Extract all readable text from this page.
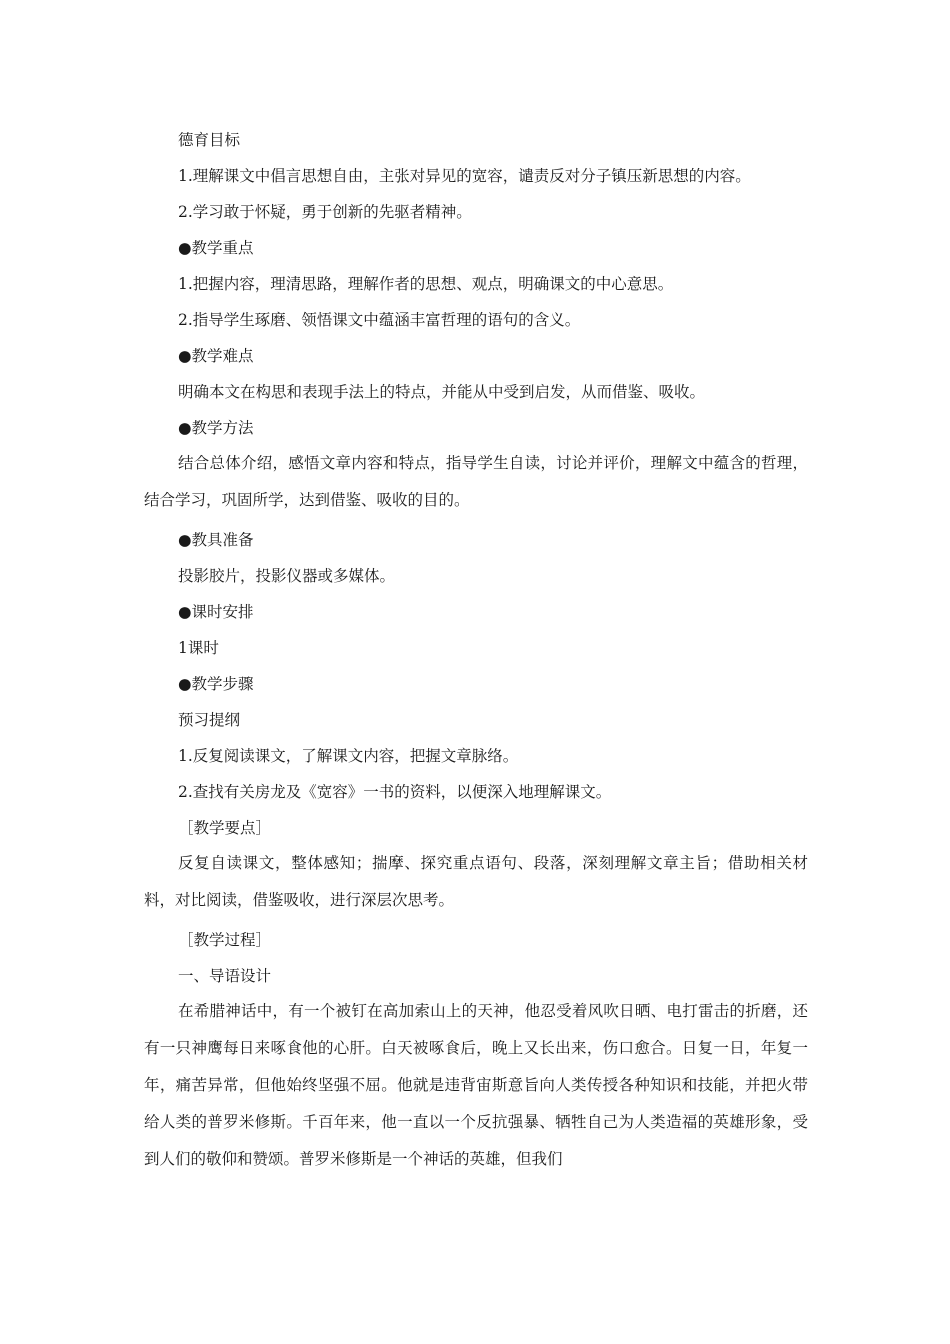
德育目标
1.理解课文中倡言思想自由，主张对异见的宽容，谴责反对分子镇压新思想的内容。
2.学习敢于怀疑，勇于创新的先驱者精神。
●教学重点
1.把握内容，理清思路，理解作者的思想、观点，明确课文的中心意思。
2.指导学生琢磨、领悟课文中蕴涵丰富哲理的语句的含义。
●教学难点
明确本文在构思和表现手法上的特点，并能从中受到启发，从而借鉴、吸收。
●教学方法
结合总体介绍，感悟文章内容和特点，指导学生自读，讨论并评价，理解文中蕴含的哲理，结合学习，巩固所学，达到借鉴、吸收的目的。
●教具准备
投影胶片，投影仪器或多媒体。
●课时安排
1课时
●教学步骤
预习提纲
1.反复阅读课文，了解课文内容，把握文章脉络。
2.查找有关房龙及《宽容》一书的资料，以便深入地理解课文。
［教学要点］
反复自读课文，整体感知；揣摩、探究重点语句、段落，深刻理解文章主旨；借助相关材料，对比阅读，借鉴吸收，进行深层次思考。
［教学过程］
一、导语设计
在希腊神话中，有一个被钉在高加索山上的天神，他忍受着风吹日晒、电打雷击的折磨，还有一只神鹰每日来啄食他的心肝。白天被啄食后，晚上又长出来，伤口愈合。日复一日，年复一年，痛苦异常，但他始终坚强不屈。他就是违背宙斯意旨向人类传授各种知识和技能，并把火带给人类的普罗米修斯。千百年来，他一直以一个反抗强暴、牺牲自己为人类造福的英雄形象，受到人们的敬仰和赞颂。普罗米修斯是一个神话的英雄，但我们
